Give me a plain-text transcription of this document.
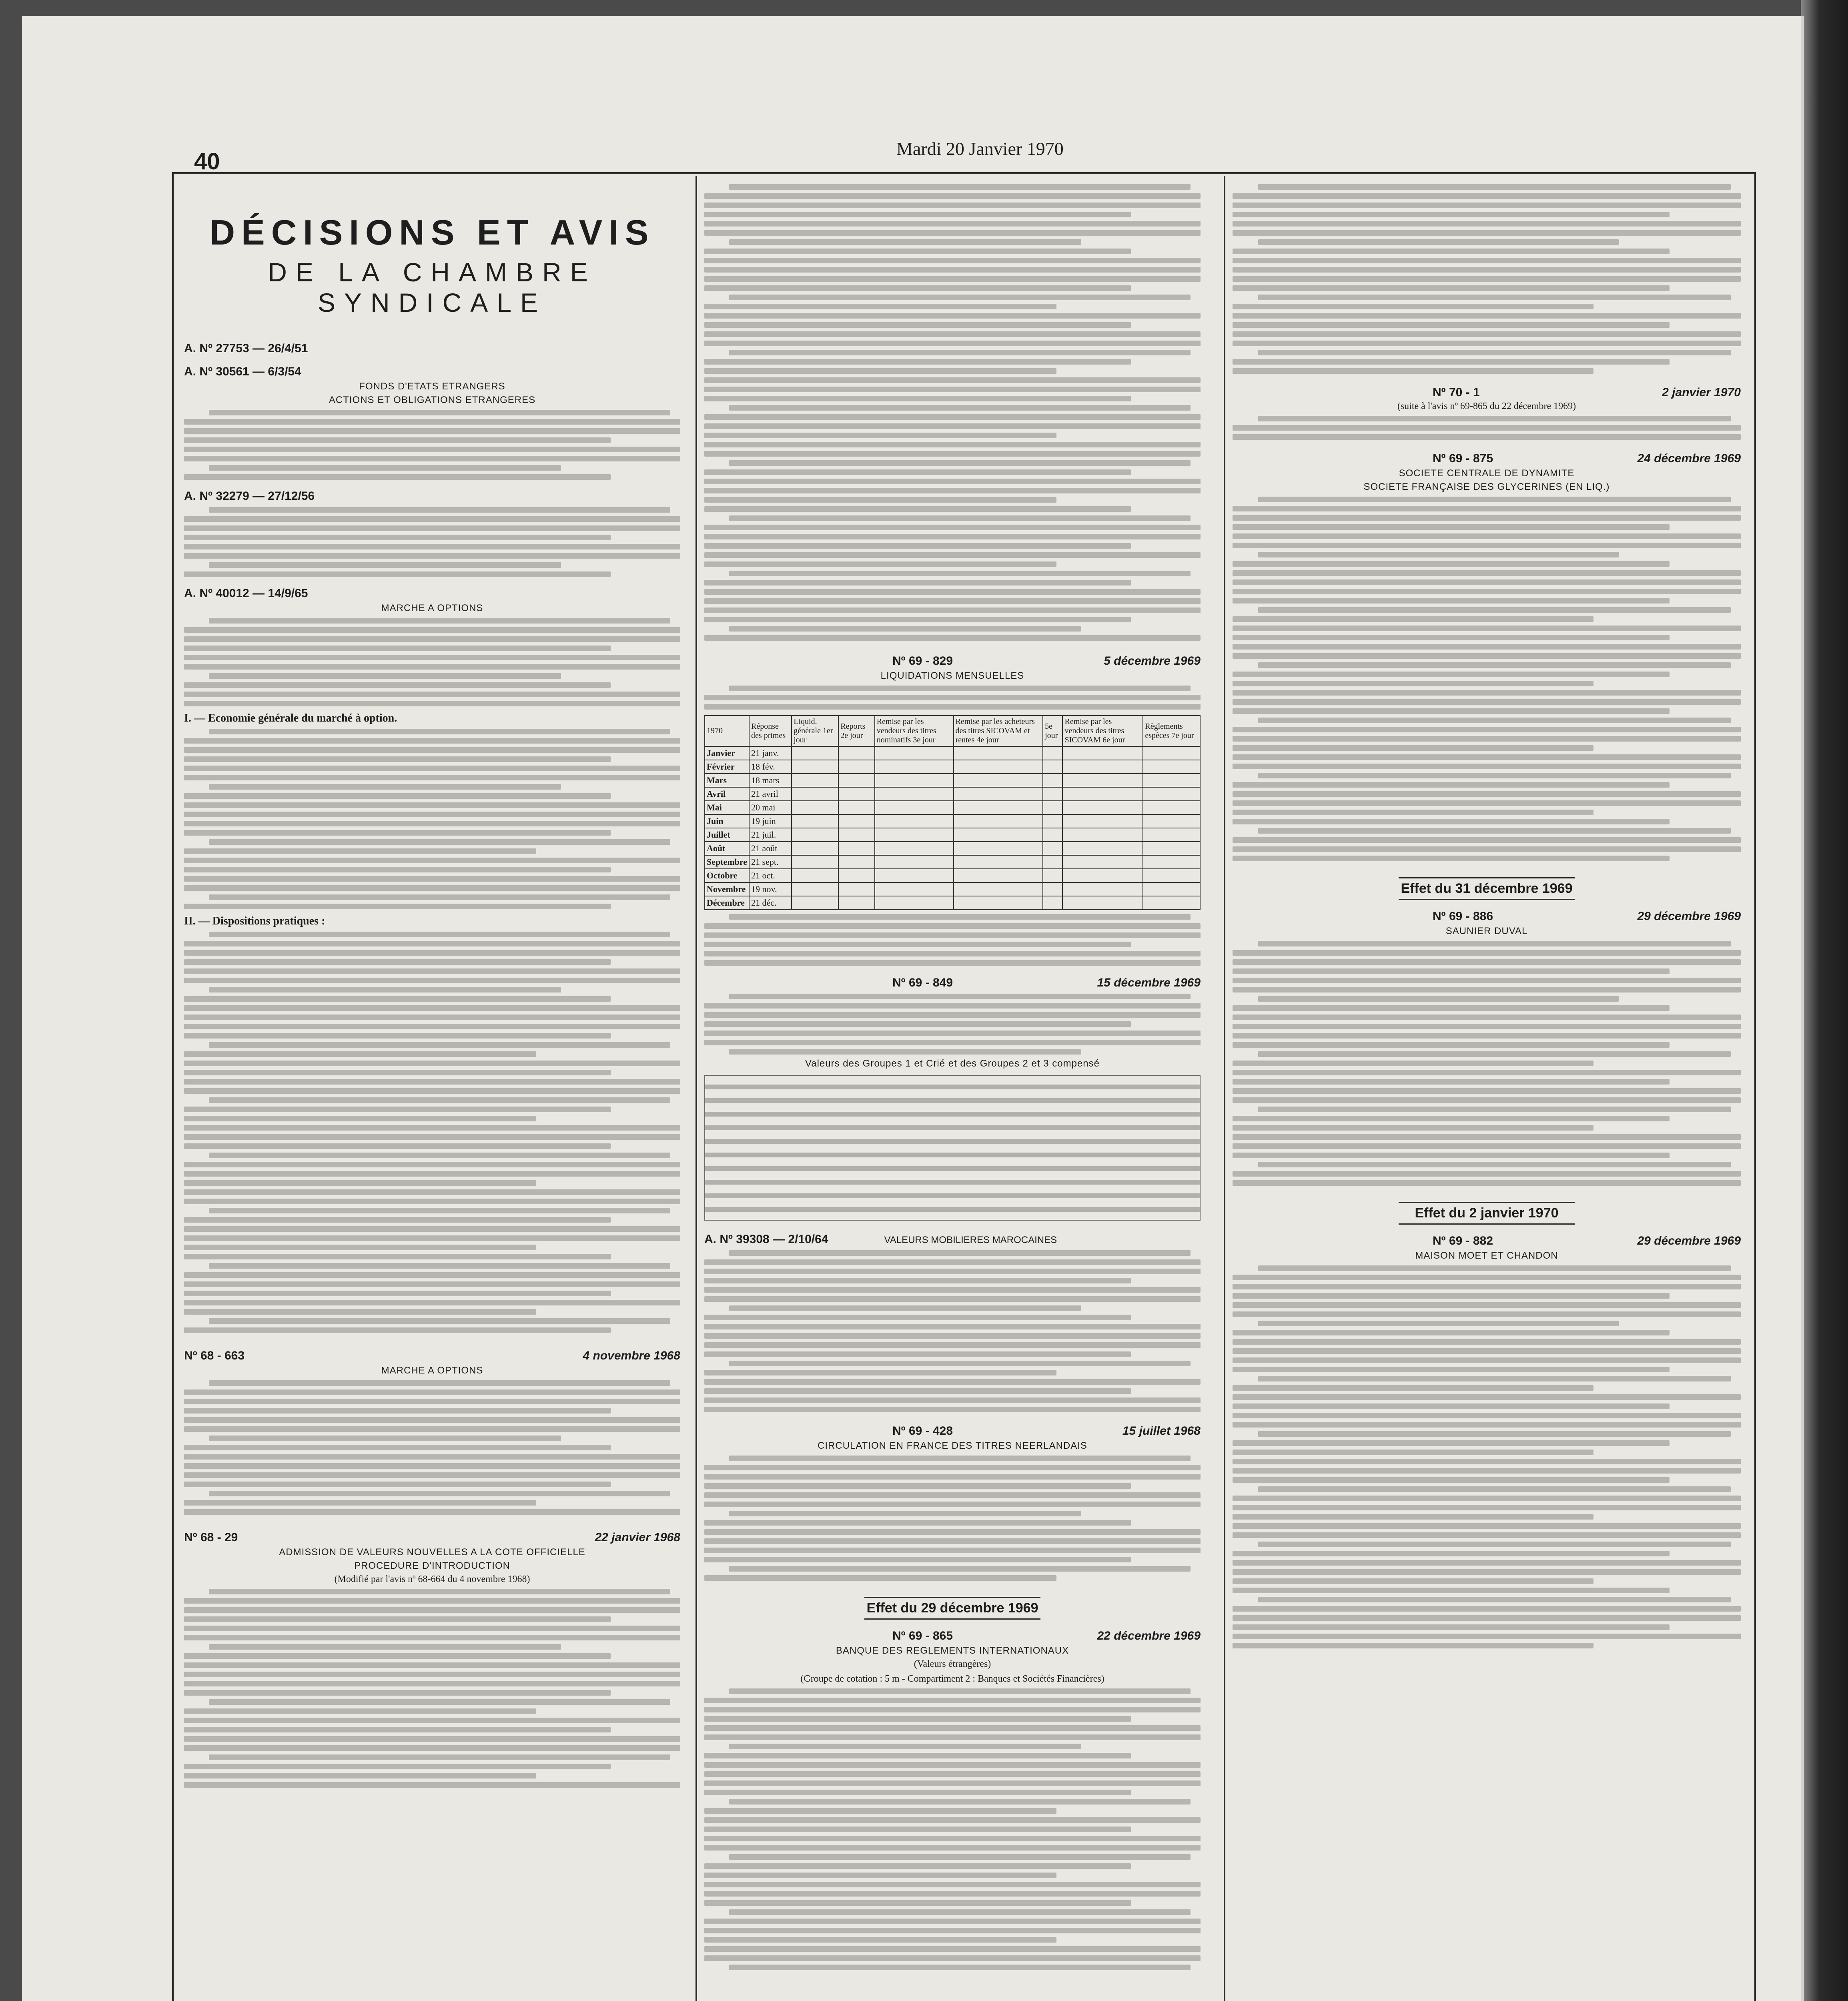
40	Mardi 20 Janvier 1970
DÉCISIONS ET AVIS
DE LA CHAMBRE SYNDICALE
A. Nº 27753 — 26/4/51
A. Nº 30561 — 6/3/54
FONDS D'ETATS ETRANGERS
ACTIONS ET OBLIGATIONS ETRANGERES
A. Nº 32279 — 27/12/56
A. Nº 40012 — 14/9/65
MARCHE A OPTIONS
I. — Economie générale du marché à option.
II. — Dispositions pratiques :
Nº 68 - 663	4 novembre 1968
MARCHE A OPTIONS
Nº 68 - 29	22 janvier 1968
ADMISSION DE VALEURS NOUVELLES A LA COTE OFFICIELLE
PROCEDURE D'INTRODUCTION
(Modifié par l'avis nº 68-664 du 4 novembre 1968)
Nº 69 - 829	5 décembre 1969
LIQUIDATIONS MENSUELLES
1970	Réponse des primes	Liquid. générale 1er jour	Reports 2e jour	Remise par les vendeurs des titres nominatifs 3e jour	Remise par les acheteurs des titres SICOVAM et rentes 4e jour	5e jour	Remise par les vendeurs des titres SICOVAM 6e jour	Règlements espèces 7e jour
Janvier	21 janv.							
Février	18 fév.							
Mars	18 mars							
Avril	21 avril							
Mai	20 mai							
Juin	19 juin							
Juillet	21 juil.							
Août	21 août							
Septembre	21 sept.							
Octobre	21 oct.							
Novembre	19 nov.							
Décembre	21 déc.							
Nº 69 - 849	15 décembre 1969
Valeurs des Groupes 1 et Crié et des Groupes 2 et 3 compensé
A. Nº 39308 — 2/10/64	VALEURS MOBILIERES MAROCAINES
Nº 69 - 428	15 juillet 1968
CIRCULATION EN FRANCE DES TITRES NEERLANDAIS
Effet du 29 décembre 1969
Nº 69 - 865	22 décembre 1969
BANQUE DES REGLEMENTS INTERNATIONAUX
(Valeurs étrangères)
(Groupe de cotation : 5 m - Compartiment 2 : Banques et Sociétés Financières)
Nº 70 - 1	2 janvier 1970
(suite à l'avis nº 69-865 du 22 décembre 1969)
Nº 69 - 875	24 décembre 1969
SOCIETE CENTRALE DE DYNAMITE
SOCIETE FRANÇAISE DES GLYCERINES (EN LIQ.)
Effet du 31 décembre 1969
Nº 69 - 886	29 décembre 1969
SAUNIER DUVAL
Effet du 2 janvier 1970
Nº 69 - 882	29 décembre 1969
MAISON MOET ET CHANDON
